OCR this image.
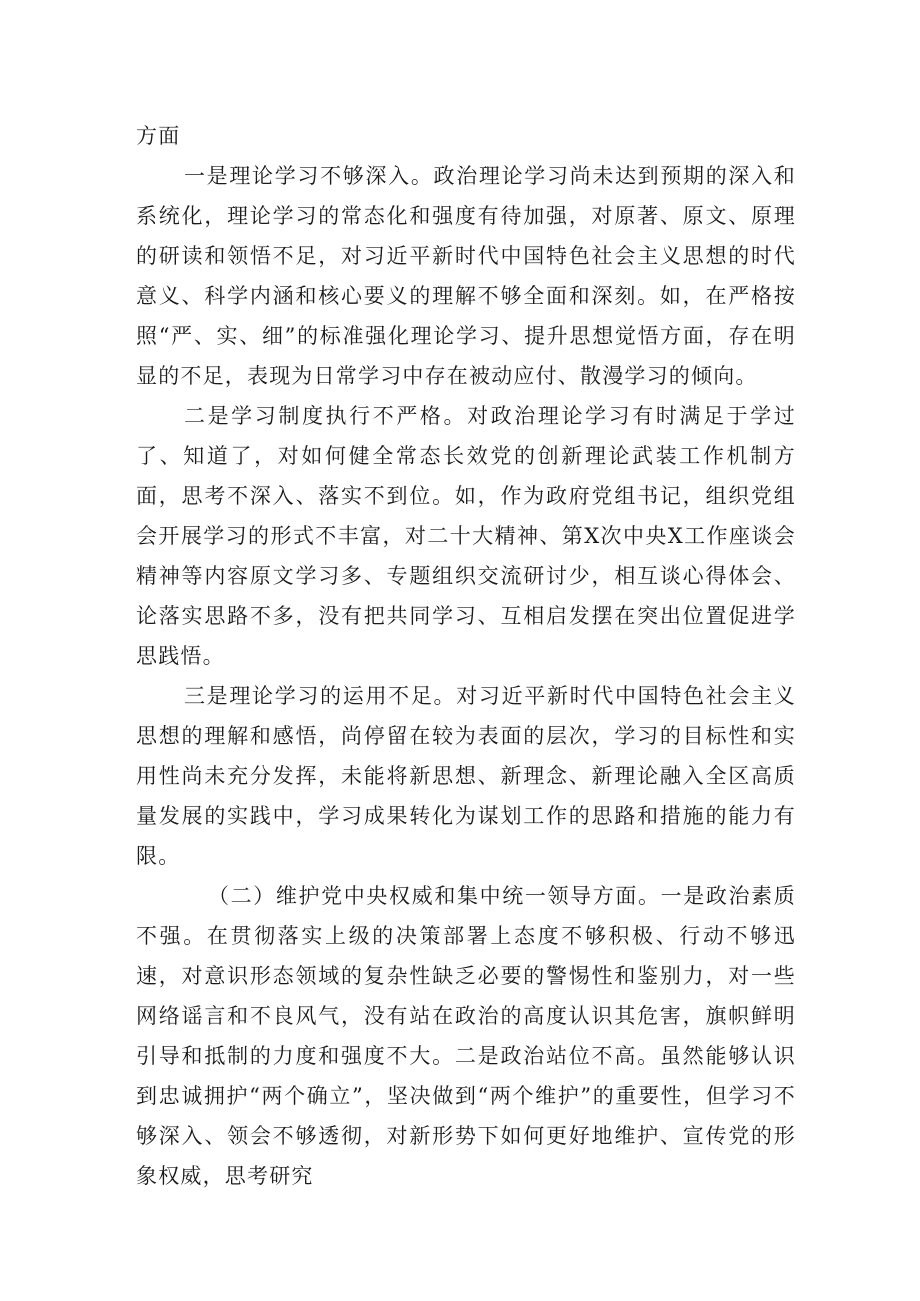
方面

一是理论学习不够深入。政治理论学习尚未达到预期的深入和系统化，理论学习的常态化和强度有待加强，对原著、原文、原理的研读和领悟不足，对习近平新时代中国特色社会主义思想的时代意义、科学内涵和核心要义的理解不够全面和深刻。如，在严格按照“严、实、细”的标准强化理论学习、提升思想觉悟方面，存在明显的不足，表现为日常学习中存在被动应付、散漫学习的倾向。

二是学习制度执行不严格。对政治理论学习有时满足于学过了、知道了，对如何健全常态长效党的创新理论武装工作机制方面，思考不深入、落实不到位。如，作为政府党组书记，组织党组会开展学习的形式不丰富，对二十大精神、第X次中央X工作座谈会精神等内容原文学习多、专题组织交流研讨少，相互谈心得体会、论落实思路不多，没有把共同学习、互相启发摆在突出位置促进学思践悟。

三是理论学习的运用不足。对习近平新时代中国特色社会主义思想的理解和感悟，尚停留在较为表面的层次，学习的目标性和实用性尚未充分发挥，未能将新思想、新理念、新理论融入全区高质量发展的实践中，学习成果转化为谋划工作的思路和措施的能力有限。

（二）维护党中央权威和集中统一领导方面。一是政治素质不强。在贯彻落实上级的决策部署上态度不够积极、行动不够迅速，对意识形态领域的复杂性缺乏必要的警惕性和鉴别力，对一些网络谣言和不良风气，没有站在政治的高度认识其危害，旗帜鲜明引导和抵制的力度和强度不大。二是政治站位不高。虽然能够认识到忠诚拥护“两个确立”，坚决做到“两个维护”的重要性，但学习不够深入、领会不够透彻，对新形势下如何更好地维护、宣传党的形象权威，思考研究
